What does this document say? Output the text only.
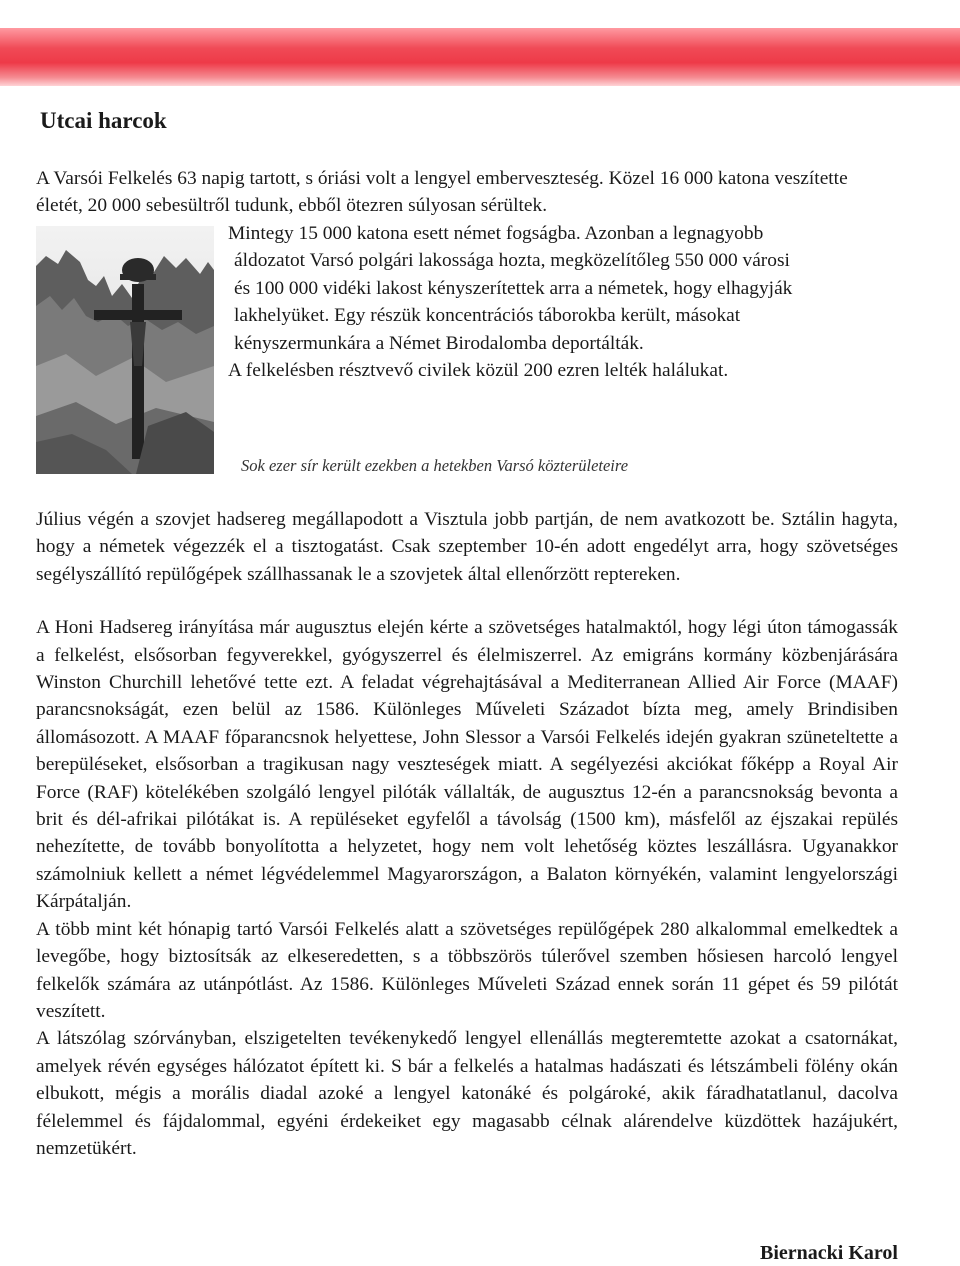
Utcai harcok

A Varsói Felkelés 63 napig tartott, s óriási volt a lengyel emberveszteség. Közel 16 000 katona veszítette életét, 20 000 sebesültről tudunk, ebből ötezren súlyosan sérültek.

Mintegy 15 000 katona esett német fogságba. Azonban a legnagyobb
áldozatot Varsó polgári lakossága hozta, megközelítőleg 550 000 városi
és 100 000 vidéki lakost kényszerítettek arra a németek, hogy elhagyják
lakhelyüket. Egy részük koncentrációs táborokba került, másokat
kényszermunkára a Német Birodalomba deportálták.
A felkelésben résztvevő civilek közül 200 ezren lelték halálukat.

Sok ezer sír került ezekben a hetekben Varsó közterületeire

Július végén a szovjet hadsereg megállapodott a Visztula jobb partján, de nem avatkozott be. Sztálin hagyta, hogy a németek végezzék el a tisztogatást. Csak szeptember 10-én adott engedélyt arra, hogy szövetséges segélyszállító repülőgépek szállhassanak le a szovjetek által ellenőrzött reptereken.

A Honi Hadsereg irányítása már augusztus elején kérte a szövetséges hatalmaktól, hogy légi úton támogassák a felkelést, elsősorban fegyverekkel, gyógyszerrel és élelmiszerrel. Az emigráns kormány közbenjárására Winston Churchill lehetővé tette ezt. A feladat végrehajtásával a Mediterranean Allied Air Force (MAAF) parancsnokságát, ezen belül az 1586. Különleges Műveleti Századot bízta meg, amely Brindisiben állomásozott. A MAAF főparancsnok helyettese, John Slessor a Varsói Felkelés idején gyakran szüneteltette a berepüléseket, elsősorban a tragikusan nagy veszteségek miatt. A segélyezési akciókat főképp a Royal Air Force (RAF) kötelékében szolgáló lengyel pilóták vállalták, de augusztus 12-én a parancsnokság bevonta a brit és dél-afrikai pilótákat is. A repüléseket egyfelől a távolság (1500 km), másfelől az éjszakai repülés nehezítette, de tovább bonyolította a helyzetet, hogy nem volt lehetőség köztes leszállásra. Ugyanakkor számolniuk kellett a német légvédelemmel Magyarországon, a Balaton környékén, valamint lengyelországi Kárpátalján.

A több mint két hónapig tartó Varsói Felkelés alatt a szövetséges repülőgépek 280 alkalommal emelkedtek a levegőbe, hogy biztosítsák az elkeseredetten, s a többszörös túlerővel szemben hősiesen harcoló lengyel felkelők számára az utánpótlást. Az 1586. Különleges Műveleti Század ennek során 11 gépet és 59 pilótát veszített.

A látszólag szórványban, elszigetelten tevékenykedő lengyel ellenállás megteremtette azokat a csatornákat, amelyek révén egységes hálózatot épített ki. S bár a felkelés a hatalmas hadászati és létszámbeli fölény okán elbukott, mégis a morális diadal azoké a lengyel katonáké és polgároké, akik fáradhatatlanul, dacolva félelemmel és fájdalommal, egyéni érdekeiket egy magasabb célnak alárendelve küzdöttek hazájukért, nemzetükért.

Biernacki Karol
